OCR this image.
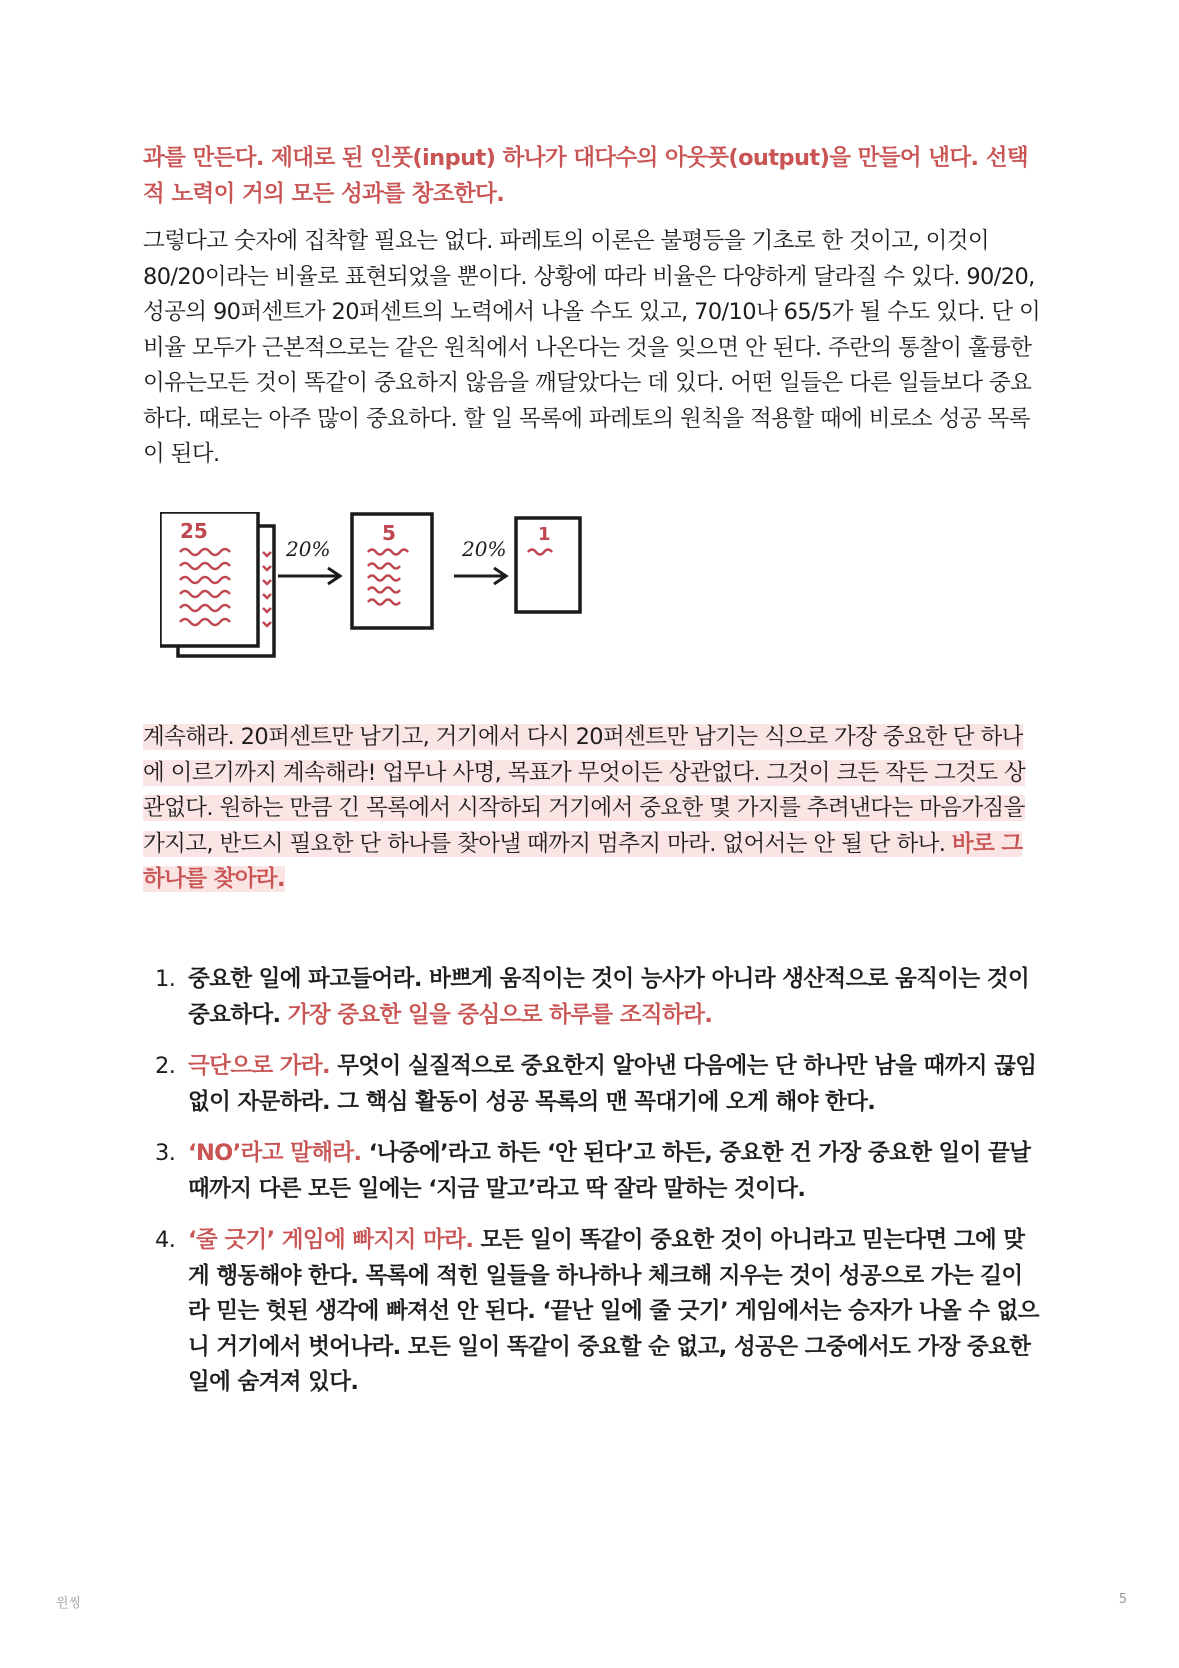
과를 만든다. 제대로 된 인풋(input) 하나가 대다수의 아웃풋(output)을 만들어 낸다. 선택적 노력이 거의 모든 성과를 창조한다.

그렇다고 숫자에 집착할 필요는 없다. 파레토의 이론은 불평등을 기초로 한 것이고, 이것이 80/20이라는 비율로 표현되었을 뿐이다. 상황에 따라 비율은 다양하게 달라질 수 있다. 90/20, 성공의 90퍼센트가 20퍼센트의 노력에서 나올 수도 있고, 70/10나 65/5가 될 수도 있다. 단 이 비율 모두가 근본적으로는 같은 원칙에서 나온다는 것을 잊으면 안 된다. 주란의 통찰이 훌륭한 이유는모든 것이 똑같이 중요하지 않음을 깨달았다는 데 있다. 어떤 일들은 다른 일들보다 중요하다. 때로는 아주 많이 중요하다. 할 일 목록에 파레토의 원칙을 적용할 때에 비로소 성공 목록이 된다.

25
20%
5
20%
1

계속해라. 20퍼센트만 남기고, 거기에서 다시 20퍼센트만 남기는 식으로 가장 중요한 단 하나에 이르기까지 계속해라! 업무나 사명, 목표가 무엇이든 상관없다. 그것이 크든 작든 그것도 상관없다. 원하는 만큼 긴 목록에서 시작하되 거기에서 중요한 몇 가지를 추려낸다는 마음가짐을 가지고, 반드시 필요한 단 하나를 찾아낼 때까지 멈추지 마라. 없어서는 안 될 단 하나. 바로 그 하나를 찾아라.

1. 중요한 일에 파고들어라. 바쁘게 움직이는 것이 능사가 아니라 생산적으로 움직이는 것이 중요하다. 가장 중요한 일을 중심으로 하루를 조직하라.
2. 극단으로 가라. 무엇이 실질적으로 중요한지 알아낸 다음에는 단 하나만 남을 때까지 끊임없이 자문하라. 그 핵심 활동이 성공 목록의 맨 꼭대기에 오게 해야 한다.
3. ‘NO’라고 말해라. ‘나중에’라고 하든 ‘안 된다’고 하든, 중요한 건 가장 중요한 일이 끝날 때까지 다른 모든 일에는 ‘지금 말고’라고 딱 잘라 말하는 것이다.
4. ‘줄 긋기’ 게임에 빠지지 마라. 모든 일이 똑같이 중요한 것이 아니라고 믿는다면 그에 맞게 행동해야 한다. 목록에 적힌 일들을 하나하나 체크해 지우는 것이 성공으로 가는 길이라 믿는 헛된 생각에 빠져선 안 된다. ‘끝난 일에 줄 긋기’ 게임에서는 승자가 나올 수 없으니 거기에서 벗어나라. 모든 일이 똑같이 중요할 순 없고, 성공은 그중에서도 가장 중요한 일에 숨겨져 있다.
윈씽	5
